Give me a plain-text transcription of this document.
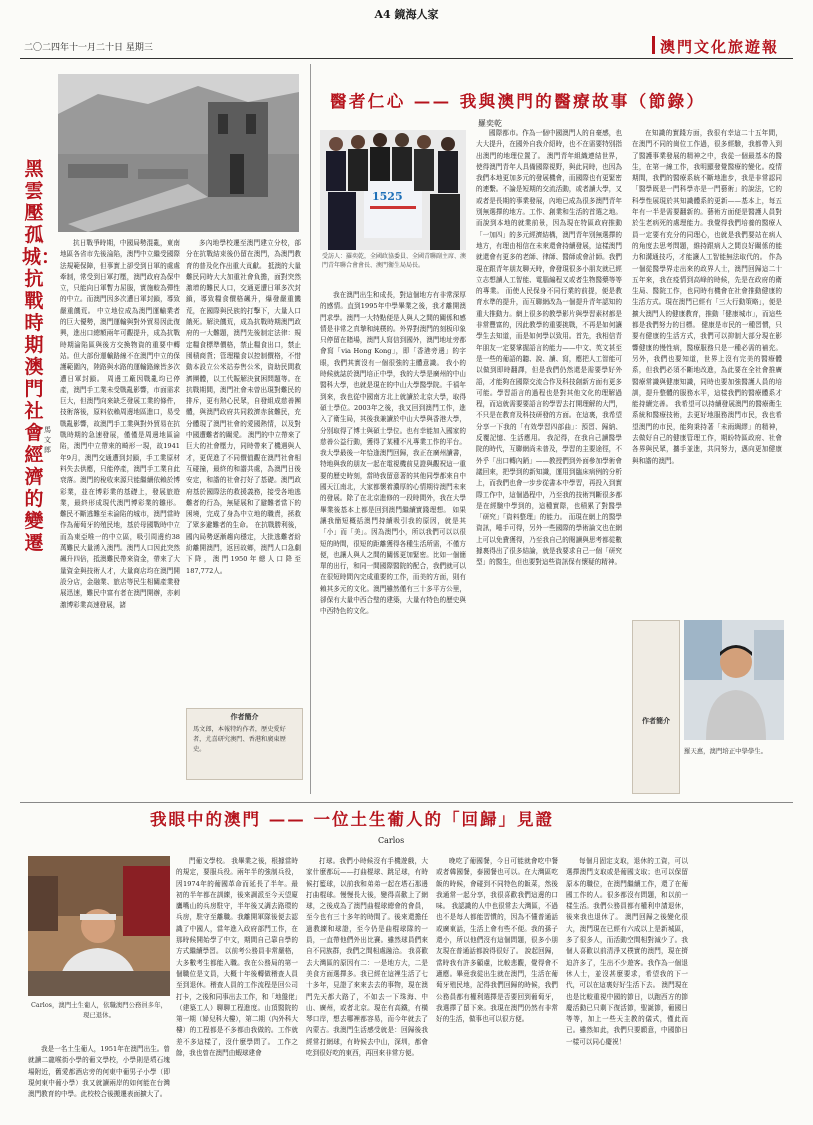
A4 鏡海人家
二〇二四年十一月二十日 星期三	澳門文化旅遊報
黑雲壓孤城：抗戰時期澳門社會經濟的變遷
馬文郎
抗日戰爭時期，中國局勢混亂，東南地區各省市先後淪陷，澳門中立繼受國際法規範保障，但事實上卻受到日軍的處處牽制，常受到日軍打壓，澳門政府為保中立，只能向日軍暫力屈服，實施較為彈性的中立。而澳門因多次遭日軍封鎖，導致嚴重饑荒。 中立地位成為澳門運輸業者的巨大優勢，澳門運輸與對外貿易因此復興，進出口總額兩年可觀提升，成為抗戰時期淪陷區與後方交換物資的重要中轉站。但大部份運輸路線不在澳門中立的保護範圍內，陸路與水路的運輸路線皆多次遭日軍封鎖。 周邊工廠因戰亂均已停產，澳門手工業未受戰亂影響，市面需求巨大，但澳門向來缺乏發展工業的條件，技術落後，原料依賴周邊地區進口，易受戰亂影響，故澳門手工業與對外貿易在抗戰時期的急速發展，僅僅是周邊地區淪陷，澳門中立帶來的畸形一現，故1941年9月，澳門交通遭到封鎖，手工業原材料失去供應，只能停產，澳門手工業自此衰落。澳門的稅收來源只能繼續依賴於博彩業，並在博彩業的基礎上，發展旅遊業，最終形成現代澳門博彩業的雛形。 難民不斷逃難至未淪陷的城市，澳門當時作為葡萄牙的殖民地，基於母國戰時中立而為東亞唯一的中立區，吸引周邊約38萬難民大量湧入澳門。澳門人口因此突然飆升四倍，抵澳難民帶來資金，帶來了大量資金與技術人才，大量商店均在澳門開設分店，金融業、旅店等民生相關產業發展迅速，難民中富有者在澳門開辦，亦刺激博彩業高速發展，諸
多內地學校遷至澳門建立分校，部分在抗戰結束後仍留在澳門，為澳門教育的普及化作出重大貢獻。 抵澳的大量難民同時大大加重社會負擔，面對突然激增的難民人口，交通更遭日軍多次封鎖，導致糧食價格飆升，爆發嚴重饑荒，在國際與民族的打擊下，大量人口餓死。解決饑荒，成為抗戰時期澳門政府的一大難題，澳門先後制定法律：規定糧食標準價格，禁止糧食出口，禁止囤積商貨；管理糧食以控制價格，不惜動本設立公米站券售公米，資助民間救濟團體，以工代賑解決貧困問題等。在抗戰期間，澳門社會未曾出現對難民的排斥，更有熱心民眾，自發組成慈善團體，與澳門政府共同救濟赤貧難民，充分體現了澳門社會的愛國熱情，以及對中國遭難者的關愛。 澳門的中立帶來了巨大的社會壓力，同時帶來了機遇與人才，更促進了不同價值觀在澳門社會相互碰撞，最終的和諧共處，為澳門日後安定，和諧的社會打好了基礎。澳門政府基於國際法的救援義務，接受各地逃難者的行為，無疑展和了避難者當下的困境，完成了身為中立地的職責，拯救了眾多避難者的生命。 在抗戰勝利後，國內局勢逐漸趨向穩定，大批逃難者紛紛離開澳門，返回故鄉，澳門人口急劇下降，澳門1950年總人口降至187,772人。
作者簡介
馬文郎，本報特約作者，歷史愛好者，尤喜研究澳門、香港和廣東歷史。
醫者仁心 —— 我與澳門的醫療故事（節錄）
羅奕乾
1525
受訪人：羅奕乾，全國政協委員、全國青聯副主席、澳門青年聯合會會長、澳門衛生局局長。
我在澳門出生和成長，對這個地方有非常深厚的感情。直到1995年中學畢業之後，我才離開澳門求學。澳門一大特點便是人與人之間的關係和感情是非常之真摯和純樸的。外界對澳門的刻板印象只停留在賭場，澳門人寫信到國外，澳門地址旁都會寫「via Hong Kong」，即「香港旁邊」的字眼，我們其實沒有一個很強的主體意識。 我小的時候就誌於澳門培正中學，我的大學是廣州的中山醫科大學，也就是現在的中山大學醫學院。千禧年到來，我也從中國南方北上就讀於北京大學，取得碩士學位。2003年之後，我又回到澳門工作，進入了衛生局，其後我兼讀於中山大學與香港大學，分別取得了博士與碩士學位。也有幸能加入國家的慈善公益行動，獲得了某種不凡專業工作的平台。 我大學最後一年恰逢澳門回歸，我正在廣州讀書，特地與我的朋友一起在電視機前見證與觀祝這一重要的歷史時刻，當時我留意著的其他同學都來自中國天江南北，大家都懷着濃厚的心情期待澳門未來的發展。除了在北京進修的一段時間外，我在大學畢業後基本上都是回到澳門繼續實踐理想。 如果讓我簡短概括澳門持續吸引我的原因，就是其「小」而「美」。因為澳門小，所以我們可以以很短的時間，很短的距離獲得各種生活所需，不僅方便，也讓人與人之間的關係更加緊密。比如一個簡單的出行，和同一間國際醫院的配合，我們就可以在很短時間內完成重要的工作，而美的方面，則有賴其多元的文化。澳門雖然僅有三十多平方公里，卻保有大量中西合璧的建築，大量有特色的歷史與中西特色的文化。
國際都市。作為一個中國澳門人的自豪感，也大大提升，在國外自我介紹時，也不在需要特別指出澳門的地理位置了。 澳門青年組織連結世界，使得澳門青年人具備國際視野，與此同時，也因為我們本地更加多元的發展機會，而國際也有更緊密的連繫。不論是短期的交流活動，或者讀大學，又或者是長期的事業發展，內地已成為很多澳門青年別無選擇的地方。工作、創業和生活的首選之地。而說到本地的就業前景，因為現在特區政府推動「一加四」的多元經濟結構，澳門青年別無選擇的地方，有理由相信在未來還會持續發展，這樣澳門就還會有更多的老師、律師、醫師或會計師。我們現在跟青年朋友聊天時，會發現很多小朋友就已經立志想讀人工智能、電腦編程又或者生物醫藥等等的專業。 而使人民保身不同行業的前提，便是教育水準的提升，而互聯網改為一個提升青年認知的重大推動力。網上很多的教學影片與學習素材都是非常豐富的，因此教學的重要挑戰，不再是如何讓學生去知道，而是如何學以致用。首先，我相信青年朋友一定要掌握語言的能力——中文、英文甚至是一些的葡語的聽、說、讀、寫，應把人工智能可以做到即時翻譯，但是我們仍然還是需要學好外語，才能夠在國際交流合作及科技創新方面有更多可能。學習語言的過程也是對其他文化的理解過程，而這就需要要語言的學習去打開理解的大門，不只是在教育及科技研發的方面。在這裏，我希望分享一下我的「有效學習四部曲」：預習、歸納、反覆記憶、生活應用。 我記得，在我自己讀醫學院的時代，互聯網尚未普及，學習的主要途徑，不外乎「出口轉內銷」——教授們到外面參加學術會議回來，把學到的新知識，運用到臨床病例的分析上，而我們也會一步步從書本中學習，再投入到實際工作中，這個過程中，乃至我的技術判斷很多都是在經驗中學到的，這種實際，也積累了對醫學「研究」「資料整理」的能力。 而現在網上的醫學資訊，唾手可得，另外一些國際的學術論文也在網上可以免費獲得，乃至我自己的閱讀與思考都從數據裏得出了很多結論，就是我要求自己一個「研究型」的醫生，但也要對這些資訊保有懷疑的精神。
在知識的實踐方面，我很有幸這二十五年間，在澳門不同的崗位工作過，很多經驗，我都帶入到了醫護事業發展的精神之中，我從一個最基本的醫生，在第一線工作，我明顯發覺醫療的變化。疫情期間，我們的醫療系統不斷地進步，我是非常認同「醫學既是一門科學亦是一門藝術」的說法，它的科學性展現於其知識體系的更新——基本上，每五年有一半是需要翻新的。藝術方面便是醫護人員對於生老病死的處理能力。我覺得我們培養的醫療人員一定要有充分的同理心，也就是我們要站在病人的角度去思考問題，維持跟病人之間良好關係的能力和溝通技巧，才能讓人工智能無法取代的。 作為一個從醫學界走出來的政界人士，澳門回歸這二十五年來，我在疫情到高峰的時候，先是在政府的衛生局、醫院工作，也同時有機會在社會推動健康的生活方式。現在澳門已經有「三大行動策略」，便是擴大澳門人的健康教育，推動「健康城市」，而這些都是我們努力的目標。 健康是市民的一種習慣，只要有健康的生活方式，我們可以抑制大部分現在影響健康的慢性病，醫療服務只是一種必需的補充。另外，我們也要知道，世界上沒有完美的醫療體系，但我們必須不斷地改進，為此要在全社會推廣醫療常識與健康知識，同時也要加強醫護人員的培訓，提升整體的服務水平，這樣我們的醫療體系才能持續完善。 我希望可以持續發展澳門的醫療衛生系統和醫療技術，去更好地服務澳門市民，我也希望澳門的市民，能夠秉持著「未雨綢繆」的精神，去做好自己的健康管理工作，期盼特區政府、社會各界與民眾，攜手並進，共同努力，邁向更加健康與和諧的澳門。
作者簡介
羅天惠，澳門培正中學學生。
我眼中的澳門 —— 一位土生葡人的「回歸」見證
Carlos
Carlos，澳門土生葡人，依職澳門公務員多年，現已退休。
我是一名土生葡人，1951年在澳門出生。曾就讀二龍喉街小學的葡文學校，小學則是墳石塊場附近，舊愛都酒店旁的何東中葡男子小學（即現何東中葡小學）我又就讀兩岸的如何能在台灣澳門教育的中學。此校校合後搬遷表面擴大了。
門葡文學校。 我畢業之後，根據當時的規定，要服兵役。兩年半的強制兵役，因1974年的葡國革命而延長了半年。最初的半年都在訓練，後來調派至今天望廈鷹嘴山的兵房駐守，半年後又調去路環的兵房，駐守至離職。我離開軍隊後便去認識了中國人，當年進入政府部門工作，在那時候開始學了中文，期間自己靠自學的方式繼續學習。 以前考公務員非常嚴格，大多數考生都能入職。我在公務局的第一個職位是文員，大概十年後轉做稽查人員至到退休。稽查人員的工作流程是回公司打卡，之後和同事出去工作，和「地盤佬」（建築工人）聊聊工程進度。山頂醫院的第一期（婦兒科大樓），第二期（內外科大樓）的工程都是不多都由我做的。工作就差不多這樣了，沒什麼學問了。 工作之餘，我也曾在澳門由蝦球建會
打球。我們小時候沒有手機遊戲，大家什麼都玩——打曲棍球、跳足球，有時候打籃球，以前我和弟弟一起在塔石那邊打曲棍球。慢慢長大後，變得喜歡上了網球，之後成為了澳門曲棍球總會的會員，至今也有三十多年的時間了。後來還擔任過教練和球證，至今仍是曲棍球隊的一員，一直帶他們外出比賽。雖然球員們來自不同族群，我們之間相處融洽。 我喜歡去大灣區的原因有二：一是地方大，二是美食方面選擇多。我已經在這裡生活了七十多年，見證了來來去去的事物，現在澳門先天都大路了，不如去一下珠海、中山、廣州，或者北京。現在有高鐵，有橫琴口岸，想去哪裡都容易，而今年就去了內蒙古。我澳門生活感受就是：回歸後我經常打網球，有時候去中山，深圳，都會吃到很好吃的東西，再回來非常方便。
晚吃了葡國餐，今日可能就會吃中餐或者韓國餐，泰國餐也可以。在大灣區吃飯的時候，會碰到不同特色的飯菜，然後我通常一起分享，我很喜歡我們這邊的口味。 我認識的人中也很常去大灣區，不過也不是每人都能習慣的，因為不懂普通話或廣東話，生活上會有些不便。我的孫子還小，所以他們沒有這個問題，很多小朋友現在普通話都說得很好了。 說起回歸，當時我有許多顧慮，比較悲觀，覺得會不適應。畢竟我從出生就在澳門，生活在葡萄牙殖民地，記得我們回歸的時候，我們公務員都有權利選擇是否要回到葡萄牙，我選擇了留下來。我現在澳門仍然有非常好的生活，做事也可以很方便。
每個月固定支取，退休的工資，可以選擇澳門支取或是葡國支取；也可以保留原本的職位，在澳門繼續工作，還了在葡國工作的人。很多都沒有問題，和以前一樣生活。我們公務員都有權利申請退休，後來我也退休了。 澳門回歸之後變化很大，澳門現在已經有六成以上是新城區，多了很多人，而活動空間相對減少了。我個人喜歡以前清淨又樸實的澳門，現在擠迫許多了，生出不少遊客。我作為一個退休人士，並沒甚麼要求，希望我的下一代，可以在這裏好好生活下去。 澳門現在也是比較重視中國的節日，以跑西方的節慶活動已只剩下復活節，聖誕節，葡國日等等，加上一些天主教的儀式，僅此而已。雖然如此，我們只要願意，中國節日一樣可以同心慶祝！
